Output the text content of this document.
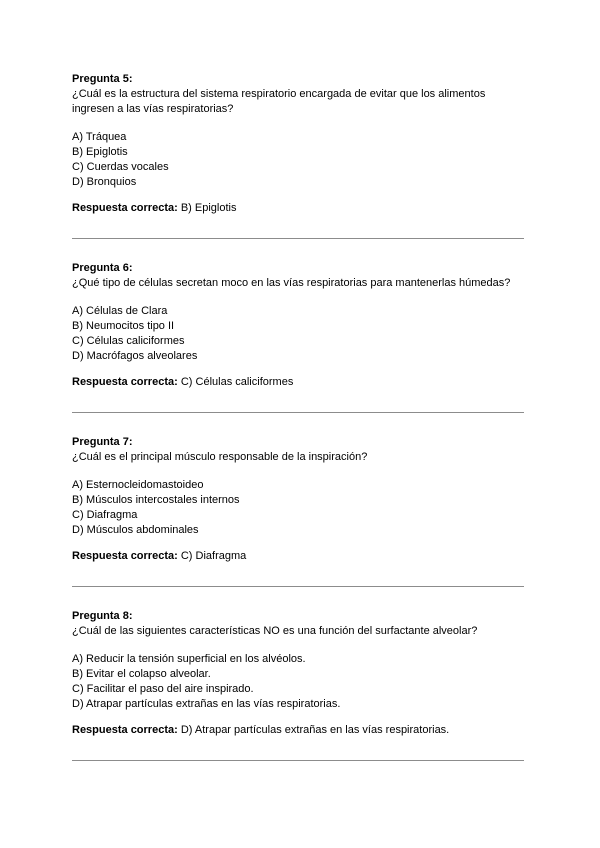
Pregunta 5:

¿Cuál es la estructura del sistema respiratorio encargada de evitar que los alimentos ingresen a las vías respiratorias?

A) Tráquea

B) Epiglotis

C) Cuerdas vocales

D) Bronquios

Respuesta correcta: B) Epiglotis

Pregunta 6:

¿Qué tipo de células secretan moco en las vías respiratorias para mantenerlas húmedas?

A) Células de Clara

B) Neumocitos tipo II

C) Células caliciformes

D) Macrófagos alveolares

Respuesta correcta: C) Células caliciformes

Pregunta 7:

¿Cuál es el principal músculo responsable de la inspiración?

A) Esternocleidomastoideo

B) Músculos intercostales internos

C) Diafragma

D) Músculos abdominales

Respuesta correcta: C) Diafragma

Pregunta 8:

¿Cuál de las siguientes características NO es una función del surfactante alveolar?

A) Reducir la tensión superficial en los alvéolos.

B) Evitar el colapso alveolar.

C) Facilitar el paso del aire inspirado.

D) Atrapar partículas extrañas en las vías respiratorias.

Respuesta correcta: D) Atrapar partículas extrañas en las vías respiratorias.
